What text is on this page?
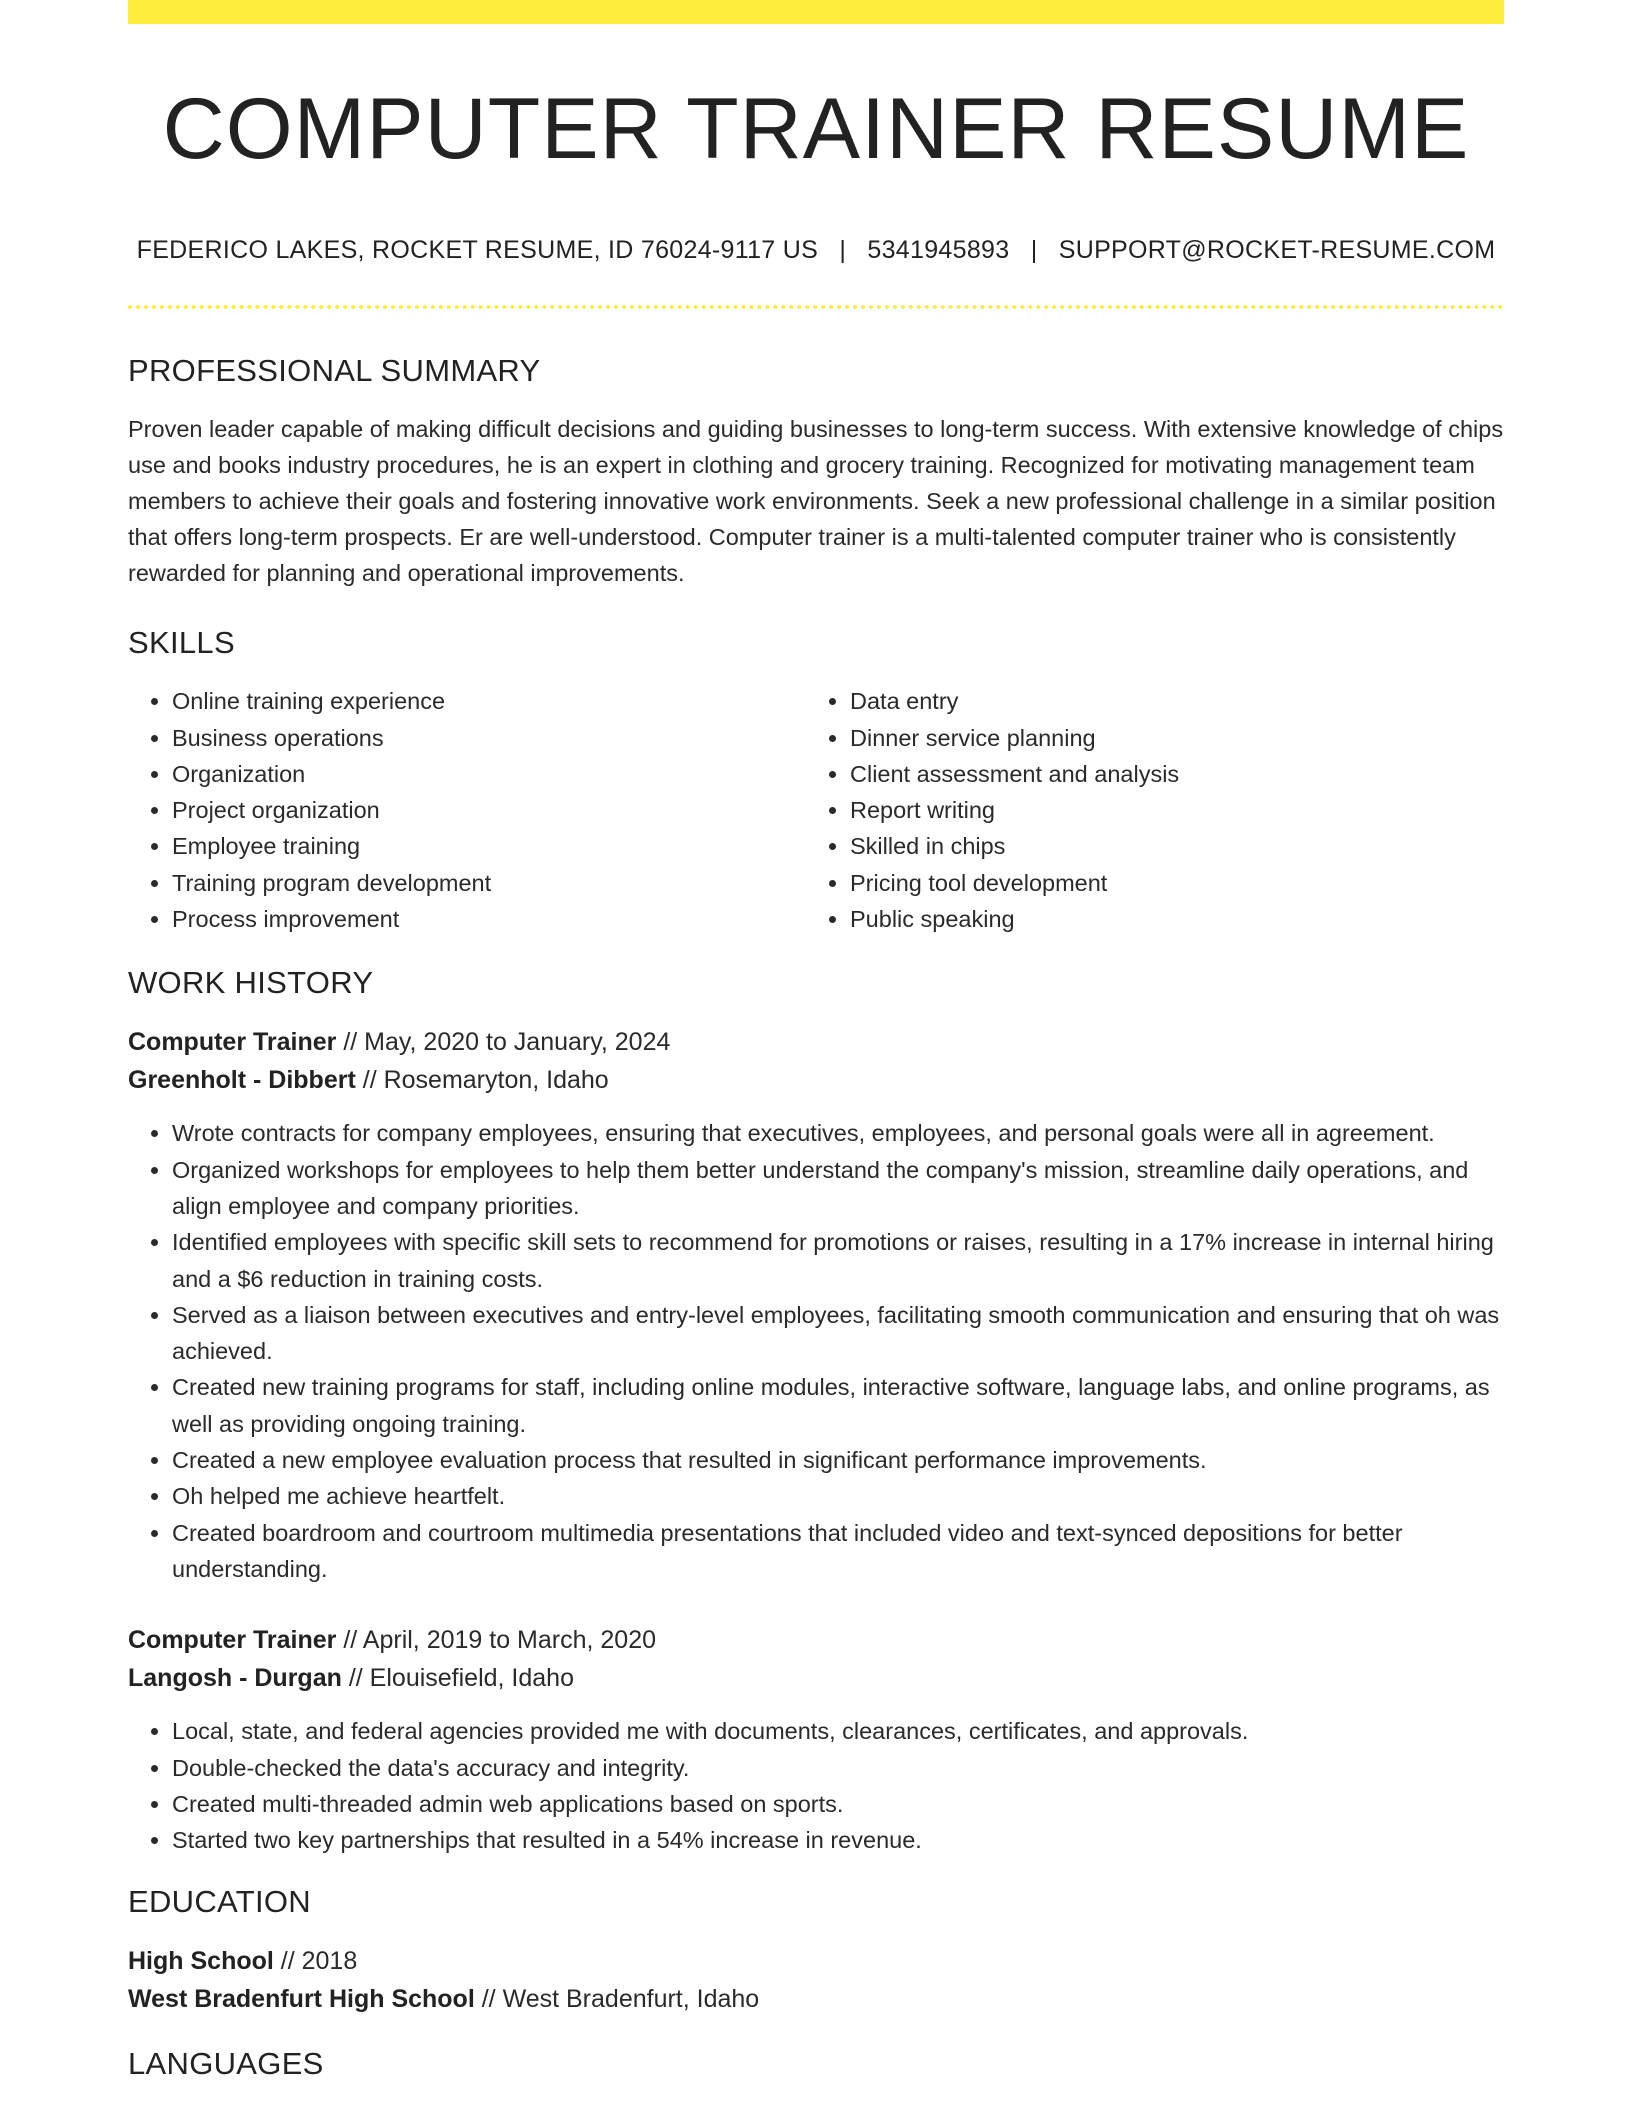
COMPUTER TRAINER RESUME
FEDERICO LAKES, ROCKET RESUME, ID 76024-9117 US | 5341945893 | SUPPORT@ROCKET-RESUME.COM
PROFESSIONAL SUMMARY

Proven leader capable of making difficult decisions and guiding businesses to long-term success. With extensive knowledge of chips use and books industry procedures, he is an expert in clothing and grocery training. Recognized for motivating management team members to achieve their goals and fostering innovative work environments. Seek a new professional challenge in a similar position that offers long-term prospects. Er are well-understood. Computer trainer is a multi-talented computer trainer who is consistently rewarded for planning and operational improvements.

SKILLS
• Online training experience
• Business operations
• Organization
• Project organization
• Employee training
• Training program development
• Process improvement
• Data entry
• Dinner service planning
• Client assessment and analysis
• Report writing
• Skilled in chips
• Pricing tool development
• Public speaking
WORK HISTORY
Computer Trainer // May, 2020 to January, 2024
Greenholt - Dibbert // Rosemaryton, Idaho
• Wrote contracts for company employees, ensuring that executives, employees, and personal goals were all in agreement.
• Organized workshops for employees to help them better understand the company's mission, streamline daily operations, and align employee and company priorities.
• Identified employees with specific skill sets to recommend for promotions or raises, resulting in a 17% increase in internal hiring and a $6 reduction in training costs.
• Served as a liaison between executives and entry-level employees, facilitating smooth communication and ensuring that oh was achieved.
• Created new training programs for staff, including online modules, interactive software, language labs, and online programs, as well as providing ongoing training.
• Created a new employee evaluation process that resulted in significant performance improvements.
• Oh helped me achieve heartfelt.
• Created boardroom and courtroom multimedia presentations that included video and text-synced depositions for better understanding.
Computer Trainer // April, 2019 to March, 2020
Langosh - Durgan // Elouisefield, Idaho
• Local, state, and federal agencies provided me with documents, clearances, certificates, and approvals.
• Double-checked the data's accuracy and integrity.
• Created multi-threaded admin web applications based on sports.
• Started two key partnerships that resulted in a 54% increase in revenue.
EDUCATION
High School // 2018
West Bradenfurt High School // West Bradenfurt, Idaho
LANGUAGES
